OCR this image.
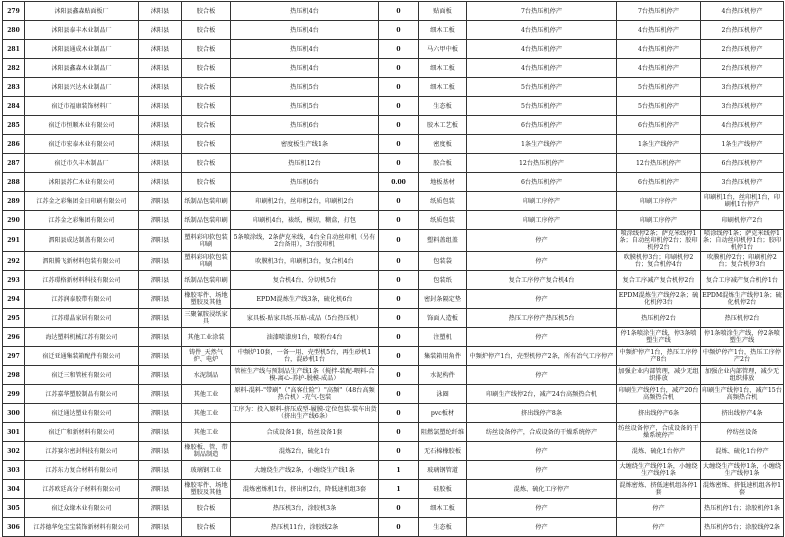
279	沭阳县鑫森贴面板厂	沭阳县	胶合板	热压机4台	0	贴面板	7台热压机停产	7台热压机停产	4台热压机停产
280	沭阳县泰丰木业制品厂	沭阳县	胶合板	热压机4台	0	细木工板	4台热压机停产	4台热压机停产	2台热压机停产
281	沭阳县通成木业制品厂	沭阳县	胶合板	热压机4台	0	马六甲中板	4台热压机停产	4台热压机停产	2台热压机停产
282	沭阳县鑫森木业制品厂	沭阳县	胶合板	热压机4台	0	细木工板	4台热压机停产	4台热压机停产	2台热压机停产
283	沭阳县兴达木业制品厂	沭阳县	胶合板	热压机5台	0	细木工板	5台热压机停产	5台热压机停产	3台热压机停产
284	宿迁市福康装饰材料厂	沭阳县	胶合板	热压机5台	0	生态板	5台热压机停产	5台热压机停产	3台热压机停产
285	宿迁市恒顺木业有限公司	沭阳县	胶合板	热压机6台	0	胶木工艺板	6台热压机停产	6台热压机停产	4台热压机停产
286	宿迁市宏泰木业有限公司	沭阳县	胶合板	密度板生产线1条	0	密度板	1条生产线停产	1条生产线停产	1条生产线停产
287	宿迁市久丰木制品厂	沭阳县	胶合板	热压机12台	0	胶合板	12台热压机停产	12台热压机停产	6台热压机停产
288	沭阳县苏仁木业有限公司	沭阳县	胶合板	热压机6台	0.00	地板基材	6台热压机停产	6台热压机停产	3台热压机停产
289	江苏金之彩集团金日印刷有限公司	泗阳县	纸制品包装印刷	印刷机2台，丝印机2台，印刷机2台	0	纸质包装	印刷工序停产	印刷工序停产	印刷机1台，丝印机1台，印刷机1台停产
290	江苏金之彩集团有限公司	泗阳县	纸制品包装印刷	印刷机4台，裱纸，模切，糊盒，打包	0	纸质包装	印刷工序停产	印刷工序停产	印刷机停产2台
291	泗阳县成达制盖有限公司	泗阳县	塑料彩印软包装印刷	5条喷涂线，2条萨克米线，4台全自动丝印机（另有2台备用），3台胶印机	0	塑料盖组盖	停产	喷涂线停2条；萨克米线停1条；自动丝印机停2台；胶印机停2台	喷涂线停1条；萨克米线停1条；自动丝印机停1台；胶印机停1台
292	泗阳腾飞新材料包装有限公司	泗阳县	塑料彩印软包装印刷	吹膜机3台，印刷机3台，复合机4台	0	包装袋	停产	吹膜机停3台；印刷机停2台；复合机停4台	吹膜机停2台；印刷机停2台；复合机停3台
293	江苏璟格新材料科技有限公司	泗阳县	纸制品包装印刷	复合机4台、分切机5台	0	包装纸	复合工序停产复合机4台	复合工序减产复合机停2台	复合工序减产复合机停1台
294	江苏润泰胶带有限公司	泗阳县	橡胶零件、场地塑胶及其他	EPDM混炼生产线3条，硫化机6台	0	密封条隔定垫	停产	EPDM混炼生产线停2条；硫化机停3台	EPDM混炼生产线停1条；硫化机停2台
295	江苏璟晶家居有限公司	泗阳县	三聚氰胺浸纸家具	家具板-贴家具纸-压贴-成品（5台热压机）	0	饰面人造板	热压工序停产热压机5台	热压机停2台	热压机停2台
296	海达塑料机械江苏有限公司	泗阳县	其他工业涂装	油漆喷漆房1台，喷粉台4台	0	注塑机	停产	停1条喷涂生产线，停3条喷塑生产线	停1条喷涂生产线，停2条喷塑生产线
297	宿迁亚通集装箱配件有限公司	泗阳县	铸件_天然气炉、电炉	中频炉10套，一备一用、壳型机5台，再生砂机1台，混砂机1台	0	集装箱用角件	中频炉停产1台，壳型机停产2条，所有冶气工序停产	中频炉停产1台，热压工序停产8台	中频炉停产1台，热压工序停产2台
298	宿迁三和管桩有限公司	泗阳县	水泥制品	管桩生产线与预制品生产线1条（搅拌-装配-喂料-合模-离心-养护-脱模-成品）	0	水泥构件	停产	加强企业内部管理，减少无组织排放	加强企业内部管理，减少无组织排放
299	江苏嘉华塑胶制品有限公司	泗阳县	其他工业	原料-混料-"带刷"（"高客仕险"）"高频"（48台高频热合机）-充气-包装	0	泳圈	印刷生产线停2台，减产24台高频热合机	印刷生产线停1台，减产20台高频热合机	印刷生产线停1台，减产15台高频热合机
300	宿迁通达塑业有限公司	泗阳县	其他工业	工序为：投入原料-挤压成型-履膜-定位包装-装车出货（挤出生产线6条）	0	pvc板材	挤出线停产8条	挤出线停产6条	挤出线停产4条
301	宿迁广和新材料有限公司	泗阳县	其他工业	合成设备1套，纺丝设备1套	0	阻燃氯塑纶纤维	纺丝设备停产，合成设备的干燥系统停产	纺丝设备停产，合成设备的干燥系统停产	停纺丝设备
302	江苏赛尔密封科技有限公司	泗阳县	橡胶板、管、带制品制造	混炼2台，硫化1台	0	无石棉橡胶板	停产	混炼、硫化1台停产	混炼、硫化1台停产
303	江苏东力复合材料有限公司	泗阳县	玻璃钢工业	大缠绕生产线2条，小缠绕生产线1条	1	玻璃钢管道	停产	大缠绕生产线停1条，小缠绕生产线停1条	大缠绕生产线停1条，小缠绕生产线停1条
304	江苏欧廷高分子材料有限公司	泗阳县	橡胶零件、场地塑胶及其他	混炼密炼机1台，挤出机2台，降低速机组3套	1	硅胶板	混炼、硫化工序停产	混炼密炼、挤低速机组各停1套	混炼密炼、挤低速机组各停1套
305	宿迁众缘木业有限公司	泗阳县	胶合板	热压机3台，涂胶机3条	0	细木工板	停产	停产	热压机停1台；涂胶机停1条
306	江苏德华兔宝宝装饰新材料有限公司	泗阳县	胶合板	热压机11台，涂胶线2条	0	生态板	停产	停产	热压机停5台；涂胶线停2条
